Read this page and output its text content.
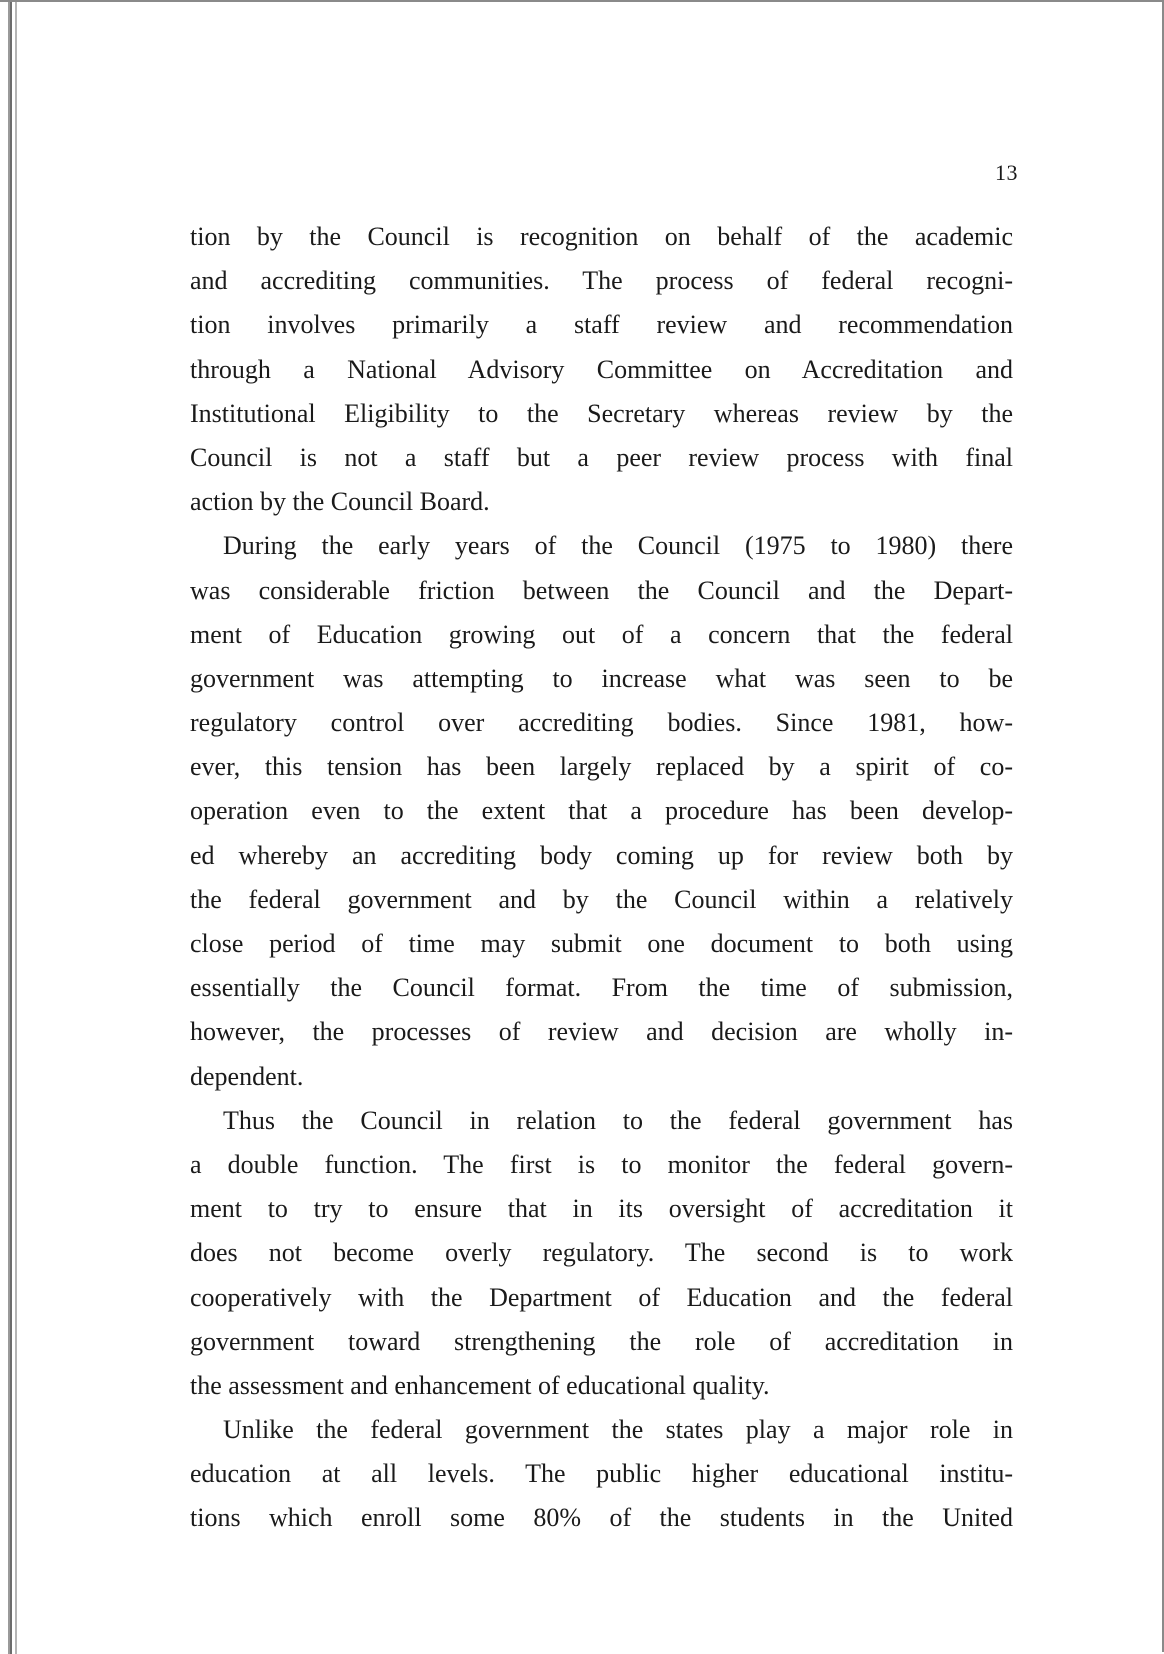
13
tion by the Council is recognition on behalf of the academic
and accrediting communities. The process of federal recogni-
tion involves primarily a staff review and recommendation
through a National Advisory Committee on Accreditation and
Institutional Eligibility to the Secretary whereas review by the
Council is not a staff but a peer review process with final
action by the Council Board.
During the early years of the Council (1975 to 1980) there
was considerable friction between the Council and the Depart-
ment of Education growing out of a concern that the federal
government was attempting to increase what was seen to be
regulatory control over accrediting bodies. Since 1981, how-
ever, this tension has been largely replaced by a spirit of co-
operation even to the extent that a procedure has been develop-
ed whereby an accrediting body coming up for review both by
the federal government and by the Council within a relatively
close period of time may submit one document to both using
essentially the Council format. From the time of submission,
however, the processes of review and decision are wholly in-
dependent.
Thus the Council in relation to the federal government has
a double function. The first is to monitor the federal govern-
ment to try to ensure that in its oversight of accreditation it
does not become overly regulatory. The second is to work
cooperatively with the Department of Education and the federal
government toward strengthening the role of accreditation in
the assessment and enhancement of educational quality.
Unlike the federal government the states play a major role in
education at all levels. The public higher educational institu-
tions which enroll some 80% of the students in the United
